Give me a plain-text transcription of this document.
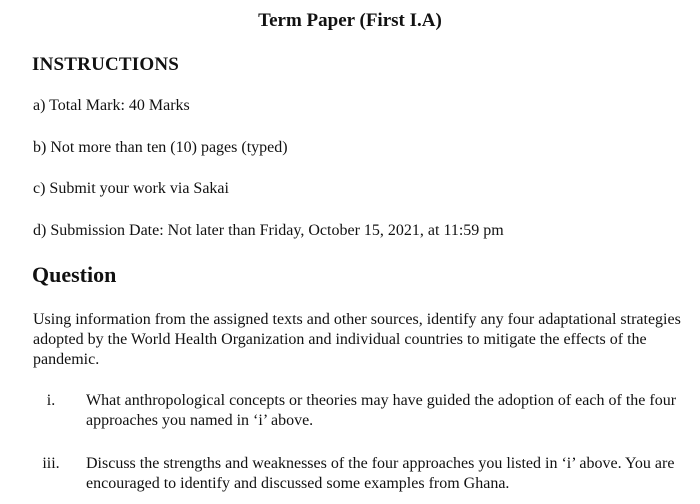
Term Paper (First I.A)
INSTRUCTIONS
a) Total Mark: 40 Marks
b) Not more than ten (10) pages (typed)
c) Submit your work via Sakai
d) Submission Date: Not later than Friday, October 15, 2021, at 11:59 pm
Question
Using information from the assigned texts and other sources, identify any four adaptational strategies adopted by the World Health Organization and individual countries to mitigate the effects of the pandemic.
i.	What anthropological concepts or theories may have guided the adoption of each of the four approaches you named in ‘i’ above.
iii.	Discuss the strengths and weaknesses of the four approaches you listed in ‘i’ above. You are encouraged to identify and discussed some examples from Ghana.
